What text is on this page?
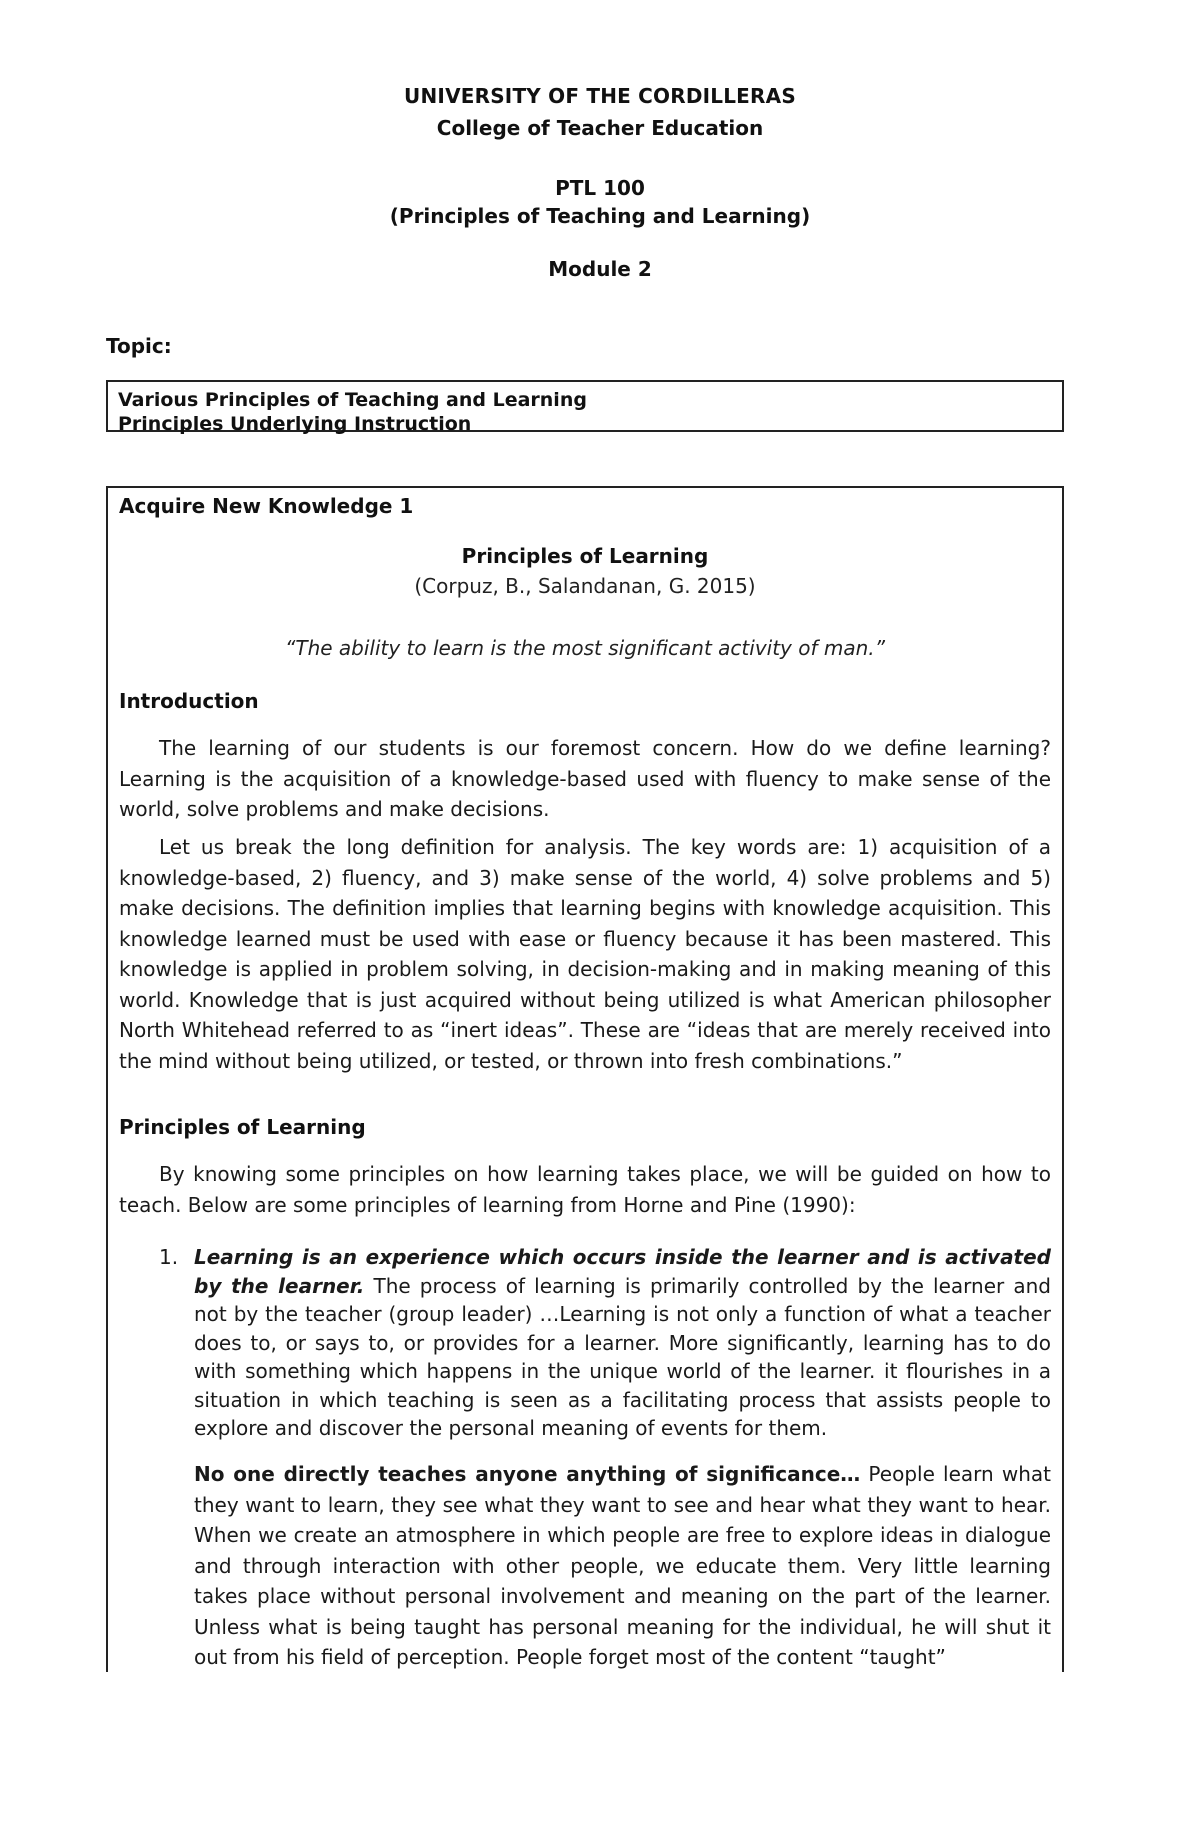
UNIVERSITY OF THE CORDILLERAS
College of Teacher Education
PTL 100
(Principles of Teaching and Learning)
Module 2
Topic:
Various Principles of Teaching and Learning
Principles Underlying Instruction
Acquire New Knowledge 1
Principles of Learning
(Corpuz, B., Salandanan, G. 2015)
“The ability to learn is the most significant activity of man.”
Introduction
The learning of our students is our foremost concern. How do we define learning? Learning is the acquisition of a knowledge-based used with fluency to make sense of the world, solve problems and make decisions.
Let us break the long definition for analysis. The key words are: 1) acquisition of a knowledge-based, 2) fluency, and 3) make sense of the world, 4) solve problems and 5) make decisions. The definition implies that learning begins with knowledge acquisition. This knowledge learned must be used with ease or fluency because it has been mastered. This knowledge is applied in problem solving, in decision-making and in making meaning of this world. Knowledge that is just acquired without being utilized is what American philosopher North Whitehead referred to as “inert ideas”. These are “ideas that are merely received into the mind without being utilized, or tested, or thrown into fresh combinations.”
Principles of Learning
By knowing some principles on how learning takes place, we will be guided on how to teach. Below are some principles of learning from Horne and Pine (1990):
1. Learning is an experience which occurs inside the learner and is activated by the learner. The process of learning is primarily controlled by the learner and not by the teacher (group leader) …Learning is not only a function of what a teacher does to, or says to, or provides for a learner. More significantly, learning has to do with something which happens in the unique world of the learner. it flourishes in a situation in which teaching is seen as a facilitating process that assists people to explore and discover the personal meaning of events for them.
No one directly teaches anyone anything of significance… People learn what they want to learn, they see what they want to see and hear what they want to hear. When we create an atmosphere in which people are free to explore ideas in dialogue and through interaction with other people, we educate them. Very little learning takes place without personal involvement and meaning on the part of the learner. Unless what is being taught has personal meaning for the individual, he will shut it out from his field of perception. People forget most of the content “taught”
